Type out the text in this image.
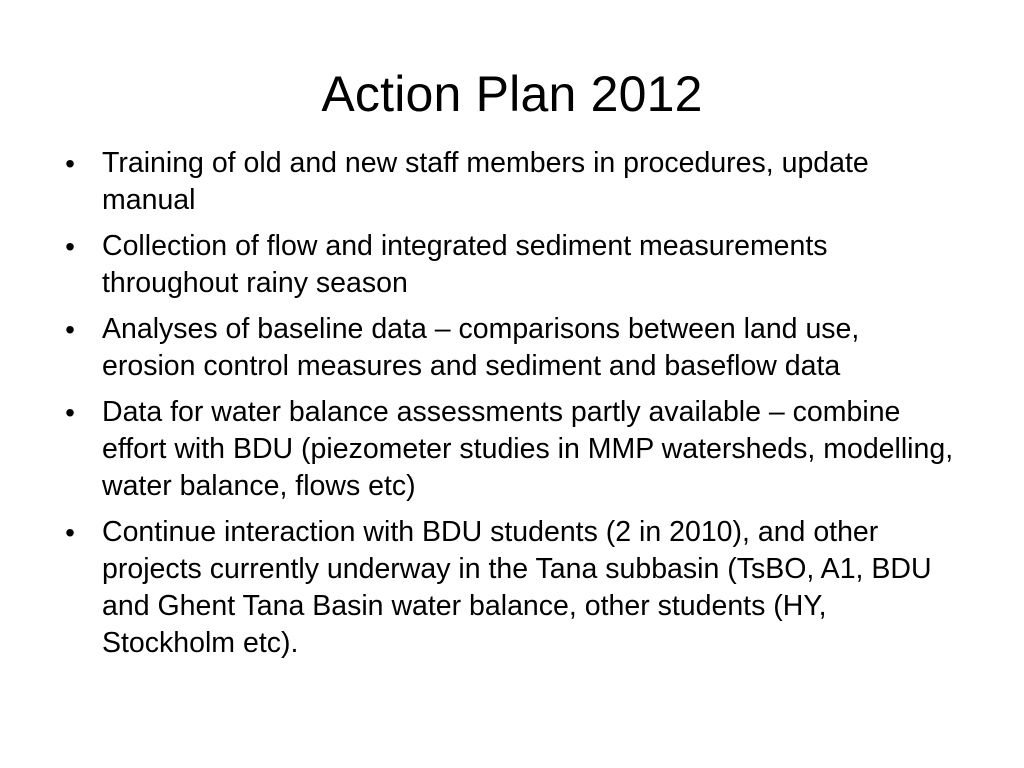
Action Plan 2012
• Training of old and new staff members in procedures, update manual
• Collection of flow and integrated sediment measurements throughout rainy season
• Analyses of baseline data – comparisons between land use, erosion control measures and sediment and baseflow data
• Data for water balance assessments partly available – combine effort with BDU (piezometer studies in MMP watersheds, modelling, water balance, flows etc)
• Continue interaction with BDU students (2 in 2010), and other projects currently underway in the Tana subbasin (TsBO, A1, BDU and Ghent Tana Basin water balance, other students (HY, Stockholm etc).
